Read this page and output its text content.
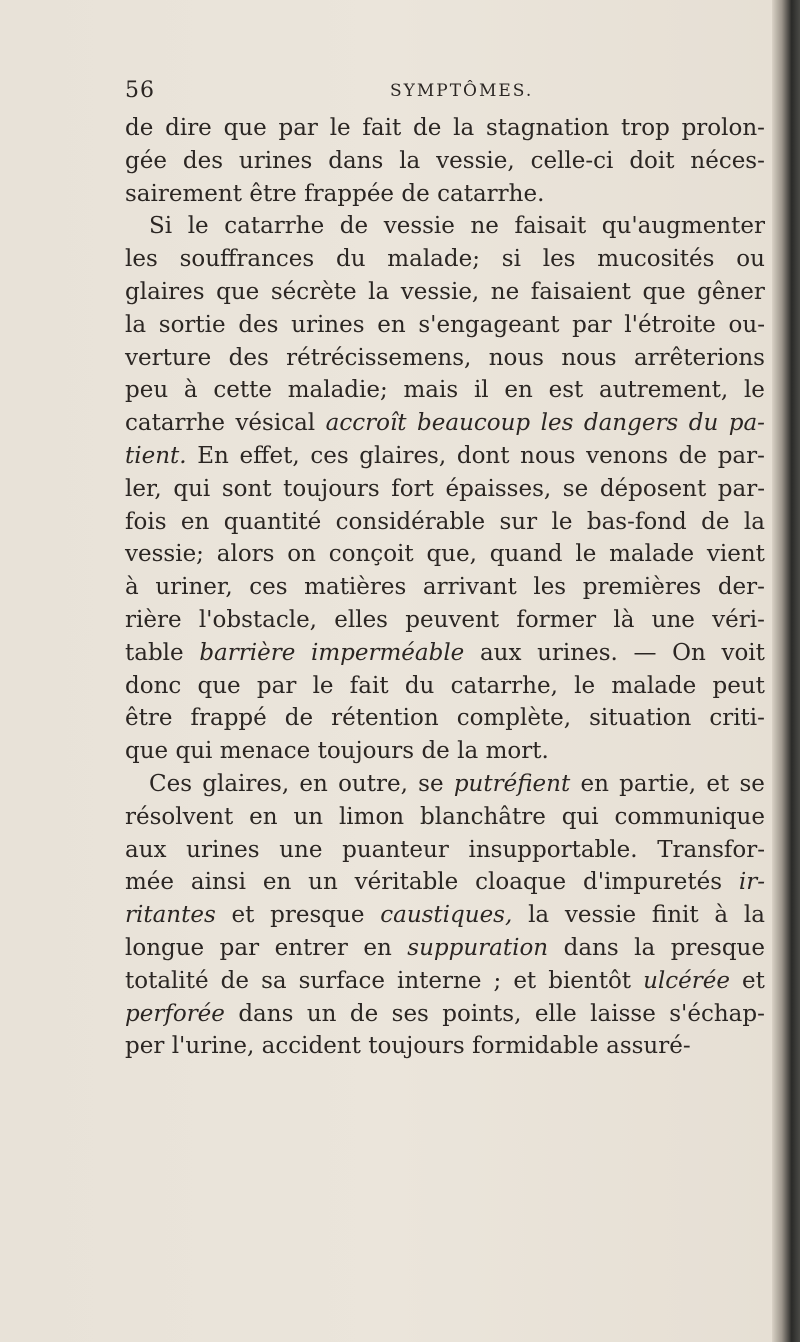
56	SYMPTÔMES.
de dire que par le fait de la stagnation trop prolon-
gée des urines dans la vessie, celle-ci doit néces-
sairement être frappée de catarrhe.
Si le catarrhe de vessie ne faisait qu'augmenter
les souffrances du malade; si les mucosités ou
glaires que sécrète la vessie, ne faisaient que gêner
la sortie des urines en s'engageant par l'étroite ou-
verture des rétrécissemens, nous nous arrêterions
peu à cette maladie; mais il en est autrement, le
catarrhe vésical accroît beaucoup les dangers du pa-
tient. En effet, ces glaires, dont nous venons de par-
ler, qui sont toujours fort épaisses, se déposent par-
fois en quantité considérable sur le bas-fond de la
vessie; alors on conçoit que, quand le malade vient
à uriner, ces matières arrivant les premières der-
rière l'obstacle, elles peuvent former là une véri-
table barrière imperméable aux urines. — On voit
donc que par le fait du catarrhe, le malade peut
être frappé de rétention complète, situation criti-
que qui menace toujours de la mort.
Ces glaires, en outre, se putréfient en partie, et se
résolvent en un limon blanchâtre qui communique
aux urines une puanteur insupportable. Transfor-
mée ainsi en un véritable cloaque d'impuretés ir-
ritantes et presque caustiques, la vessie finit à la
longue par entrer en suppuration dans la presque
totalité de sa surface interne ; et bientôt ulcérée et
perforée dans un de ses points, elle laisse s'échap-
per l'urine, accident toujours formidable assuré-
